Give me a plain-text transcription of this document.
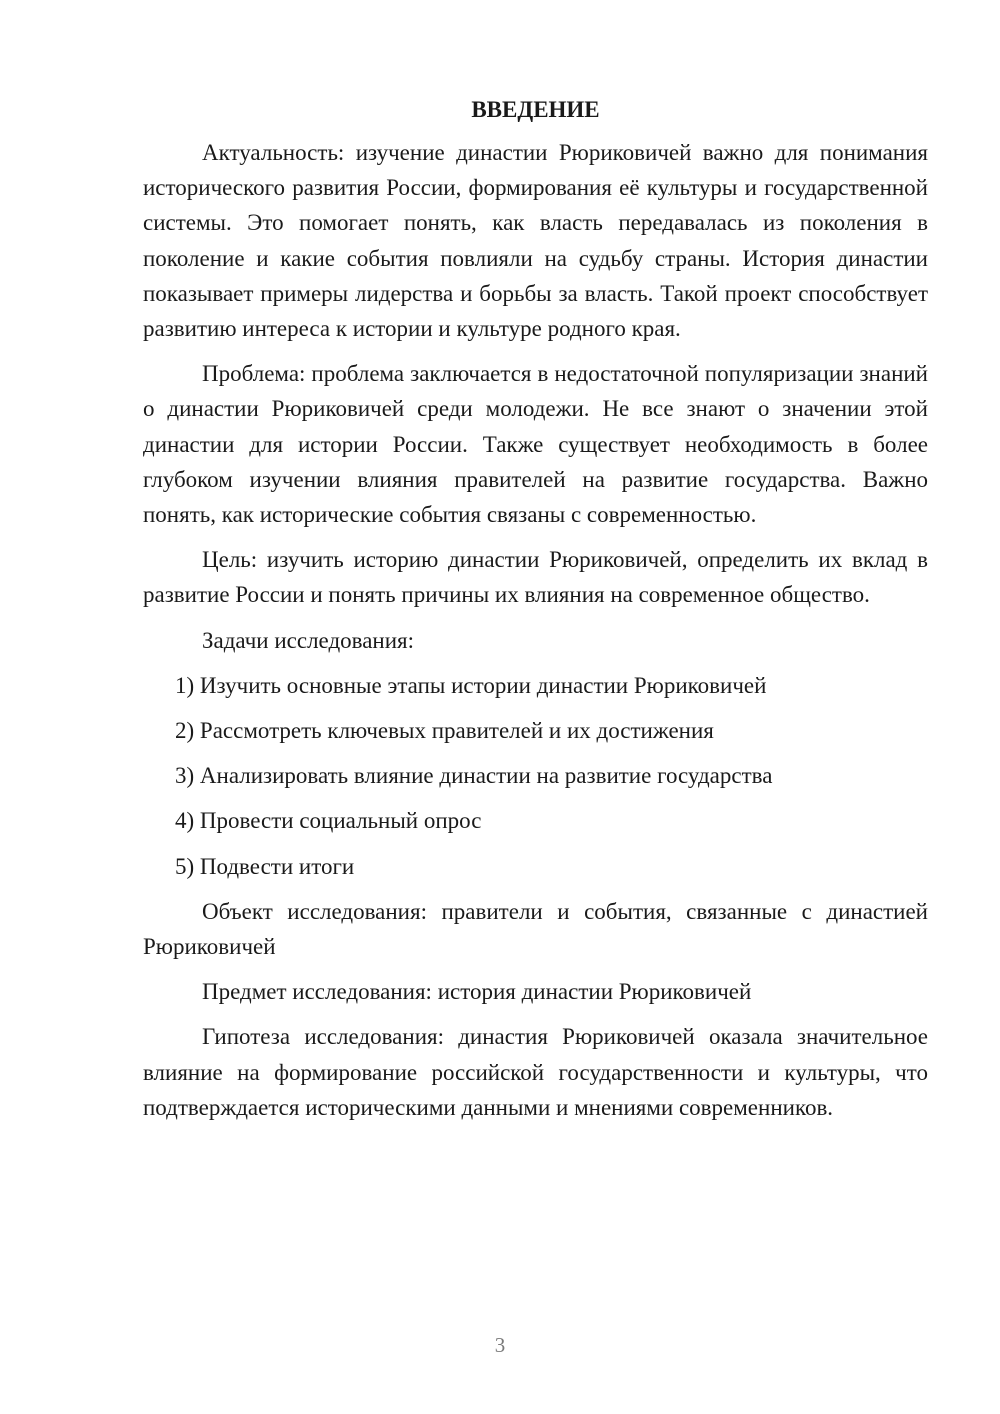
ВВЕДЕНИЕ

Актуальность: изучение династии Рюриковичей важно для понимания исторического развития России, формирования её культуры и государственной системы. Это помогает понять, как власть передавалась из поколения в поколение и какие события повлияли на судьбу страны. История династии показывает примеры лидерства и борьбы за власть. Такой проект способствует развитию интереса к истории и культуре родного края.

Проблема: проблема заключается в недостаточной популяризации знаний о династии Рюриковичей среди молодежи. Не все знают о значении этой династии для истории России. Также существует необходимость в более глубоком изучении влияния правителей на развитие государства. Важно понять, как исторические события связаны с современностью.

Цель: изучить историю династии Рюриковичей, определить их вклад в развитие России и понять причины их влияния на современное общество.

Задачи исследования:

1) Изучить основные этапы истории династии Рюриковичей
2) Рассмотреть ключевых правителей и их достижения
3) Анализировать влияние династии на развитие государства
4) Провести социальный опрос
5) Подвести итоги

Объект исследования: правители и события, связанные с династией Рюриковичей

Предмет исследования: история династии Рюриковичей

Гипотеза исследования: династия Рюриковичей оказала значительное влияние на формирование российской государственности и культуры, что подтверждается историческими данными и мнениями современников.

3
